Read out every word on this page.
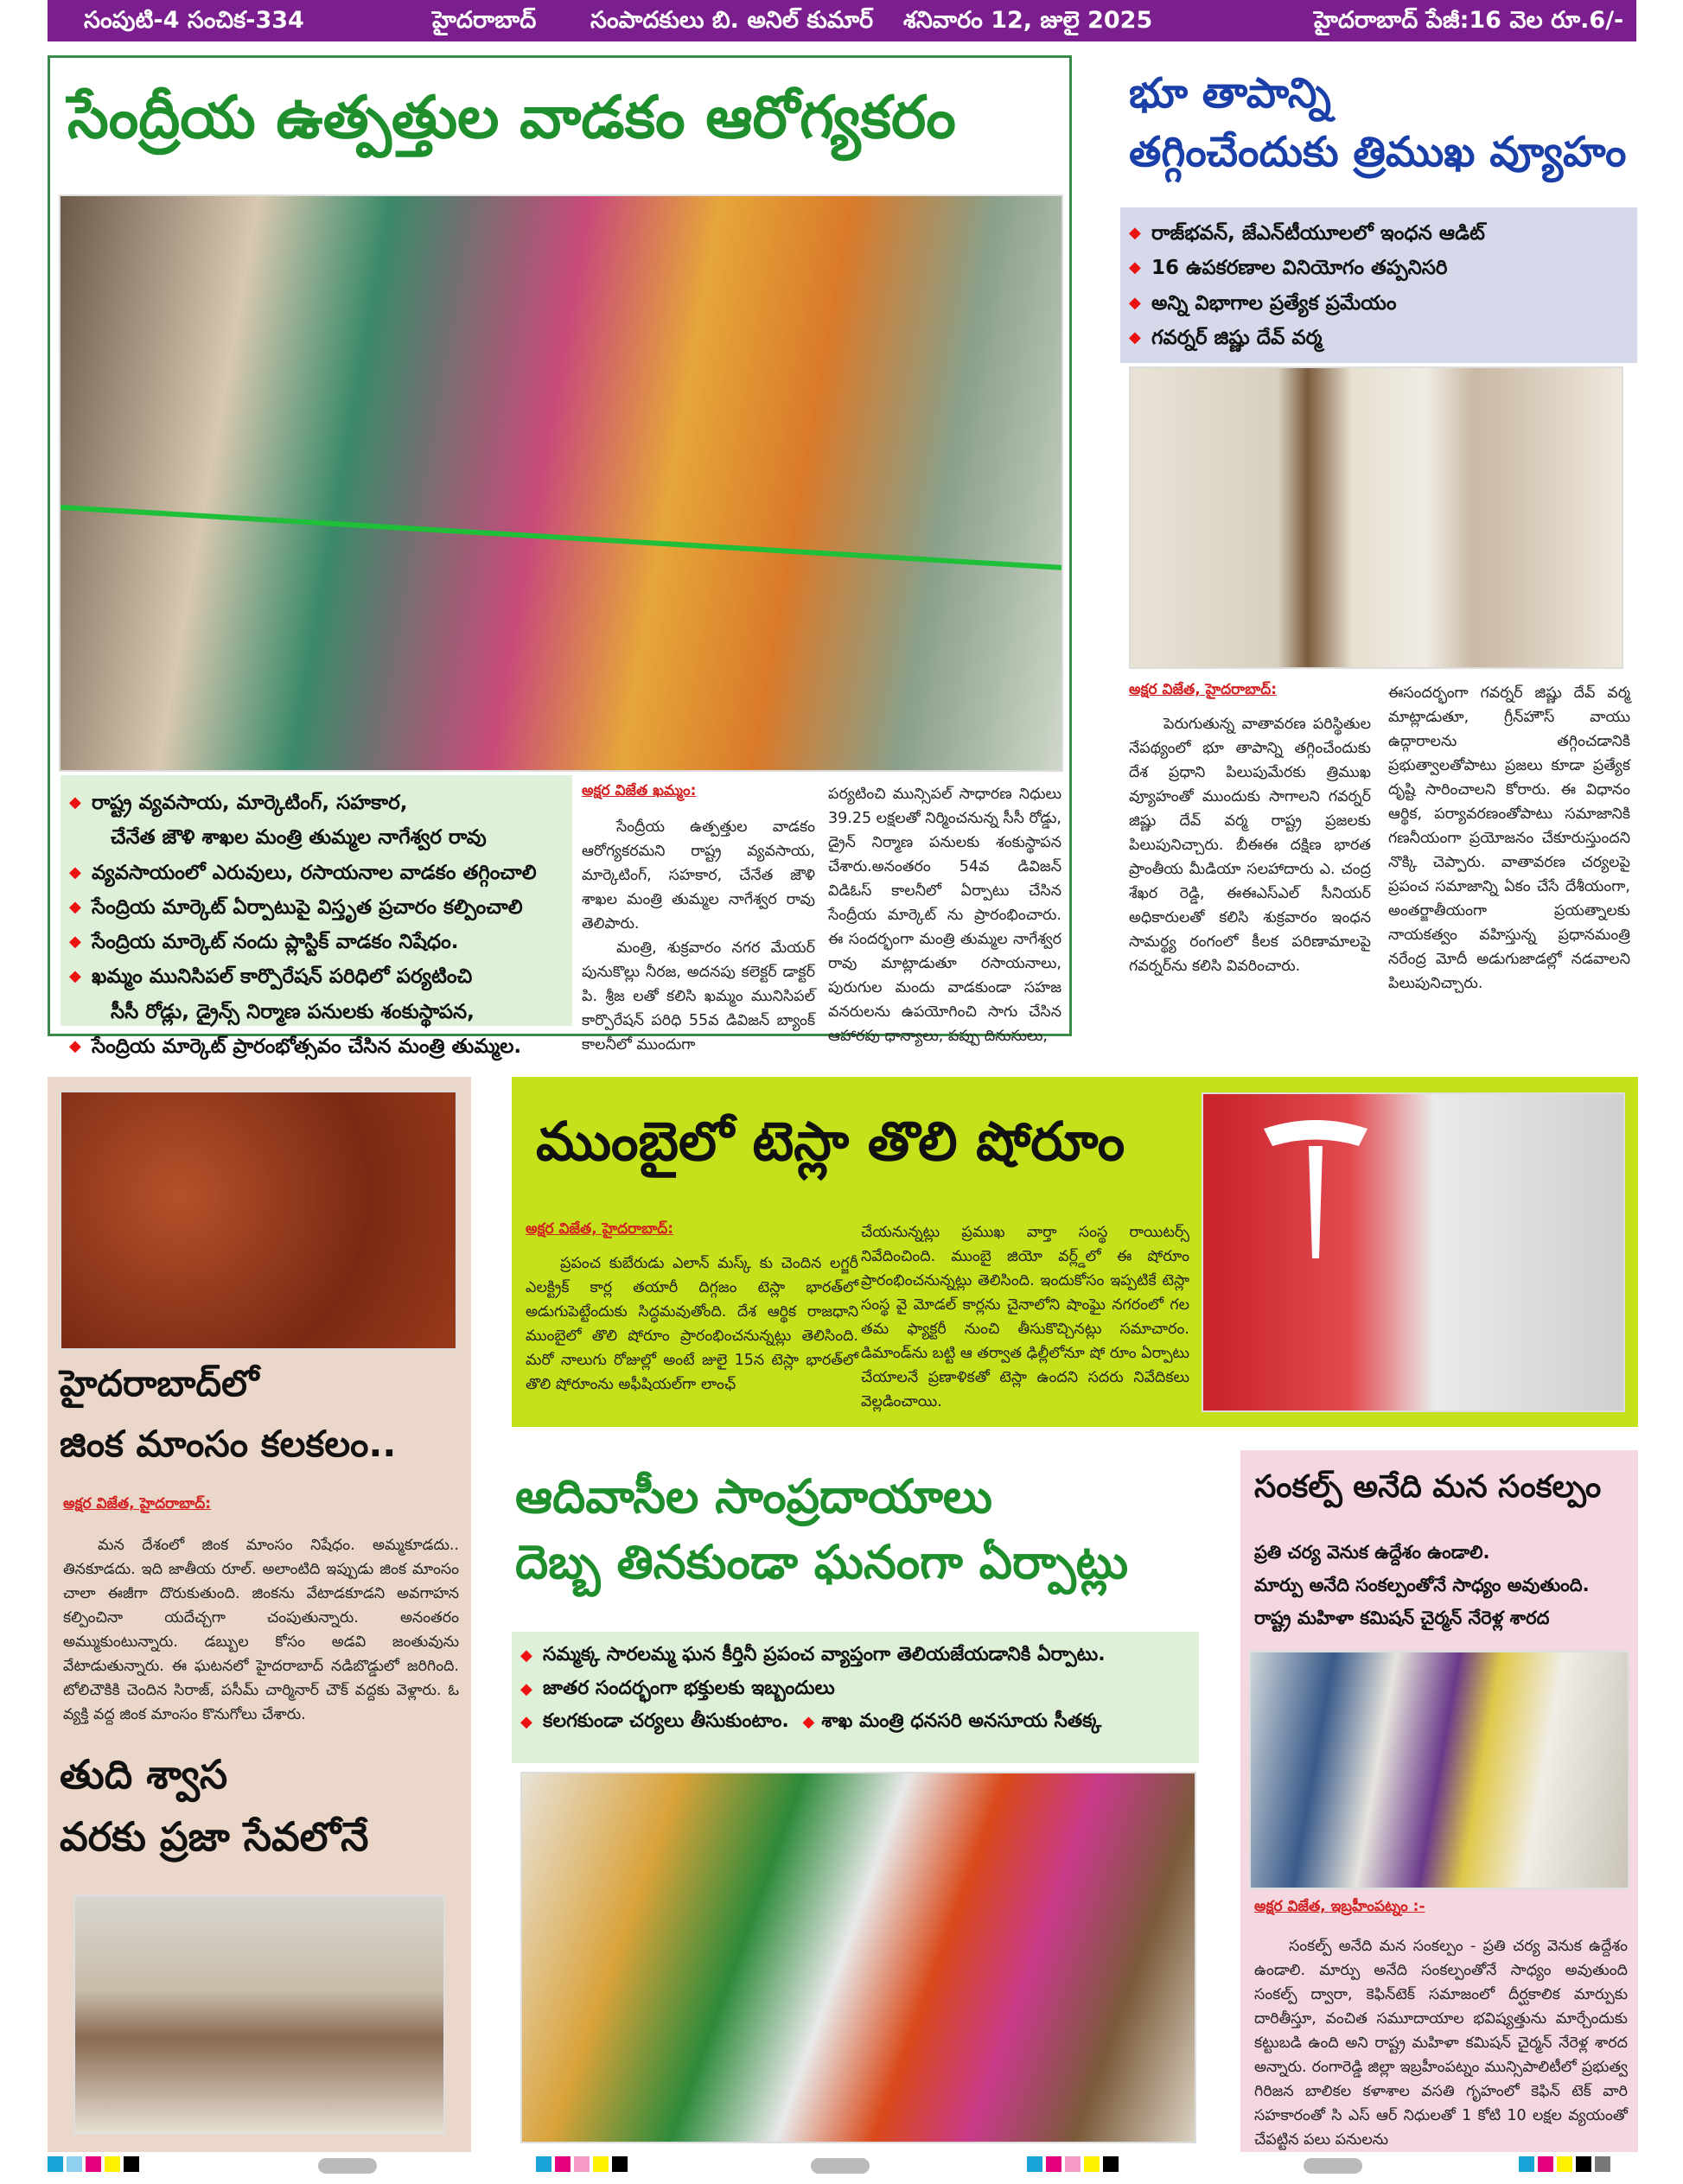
సంపుటి-4 సంచిక-334	హైదరాబాద్ సంపాదకులు బి. అనిల్ కుమార్ శనివారం 12, జులై 2025	హైదరాబాద్ పేజీ:16 వెల రూ.6/-
సేంద్రీయ ఉత్పత్తుల వాడకం ఆరోగ్యకరం
◆ రాష్ట్ర వ్యవసాయ, మార్కెటింగ్, సహకార,
చేనేత జౌళి శాఖల మంత్రి తుమ్మల నాగేశ్వర రావు
◆ వ్యవసాయంలో ఎరువులు, రసాయనాల వాడకం తగ్గించాలి
◆ సేంద్రియ మార్కెట్ ఏర్పాటుపై విస్తృత ప్రచారం కల్పించాలి
◆ సేంద్రియ మార్కెట్ నందు ప్లాస్టిక్ వాడకం నిషేధం.
◆ ఖమ్మం మునిసిపల్ కార్పొరేషన్ పరిధిలో పర్యటించి
సీసీ రోడ్లు, డ్రైన్స్ నిర్మాణ పనులకు శంకుస్థాపన,
◆ సేంద్రియ మార్కెట్ ప్రారంభోత్సవం చేసిన మంత్రి తుమ్మల.
అక్షర విజేత ఖమ్మం:
సేంద్రీయ ఉత్పత్తుల వాడకం ఆరోగ్యకరమని రాష్ట్ర వ్యవసాయ, మార్కెటింగ్, సహకార, చేనేత జౌళి శాఖల మంత్రి తుమ్మల నాగేశ్వర రావు తెలిపారు.
మంత్రి, శుక్రవారం నగర మేయర్ పునుకొల్లు నీరజ, అదనపు కలెక్టర్ డాక్టర్ పి. శ్రీజ లతో కలిసి ఖమ్మం మునిసిపల్ కార్పొరేషన్ పరిధి 55వ డివిజన్ బ్యాంక్ కాలనీలో ముందుగా
పర్యటించి మున్సిపల్ సాధారణ నిధులు 39.25 లక్షలతో నిర్మించనున్న సీసీ రోడ్డు, డ్రైన్ నిర్మాణ పనులకు శంకుస్థాపన చేశారు.అనంతరం 54వ డివిజన్ విడిఓస్ కాలనీలో ఏర్పాటు చేసిన సేంద్రీయ మార్కెట్ ను ప్రారంభించారు. ఈ సందర్భంగా మంత్రి తుమ్మల నాగేశ్వర రావు మాట్లాడుతూ రసాయనాలు, పురుగుల మందు వాడకుండా సహజ వనరులను ఉపయోగించి సాగు చేసిన ఆహారపు ధాన్యాలు, పప్పు దినుసులు,
భూ తాపాన్ని
తగ్గించేందుకు త్రిముఖ వ్యూహం
◆ రాజ్‌భవన్, జేఎన్‌టీయూలలో ఇంధన ఆడిట్
◆ 16 ఉపకరణాల వినియోగం తప్పనిసరి
◆ అన్ని విభాగాల ప్రత్యేక ప్రమేయం
◆ గవర్నర్ జిష్ణు దేవ్ వర్మ
అక్షర విజేత, హైదరాబాద్:
పెరుగుతున్న వాతావరణ పరిస్థితుల నేపథ్యంలో భూ తాపాన్ని తగ్గించేందుకు దేశ ప్రధాని పిలుపుమేరకు త్రిముఖ వ్యూహంతో ముందుకు సాగాలని గవర్నర్ జిష్ణు దేవ్ వర్మ రాష్ట్ర ప్రజలకు పిలుపునిచ్చారు. బీఈఈ దక్షిణ భారత ప్రాంతీయ మీడియా సలహాదారు ఎ. చంద్ర శేఖర రెడ్డి, ఈఈఎస్ఎల్ సీనియర్ అధికారులతో కలిసి శుక్రవారం ఇంధన సామర్థ్య రంగంలో కీలక పరిణామాలపై గవర్నర్‌ను కలిసి వివరించారు.
ఈసందర్భంగా గవర్నర్ జిష్ణు దేవ్ వర్మ మాట్లాడుతూ, గ్రీన్‌హౌస్ వాయు ఉద్గారాలను తగ్గించడానికి ప్రభుత్వాలతోపాటు ప్రజలు కూడా ప్రత్యేక దృష్టి సారించాలని కోరారు. ఈ విధానం ఆర్థిక, పర్యావరణంతోపాటు సమాజానికి గణనీయంగా ప్రయోజనం చేకూరుస్తుందని నొక్కి చెప్పారు. వాతావరణ చర్యలపై ప్రపంచ సమాజాన్ని ఏకం చేసే దేశీయంగా, అంతర్జాతీయంగా ప్రయత్నాలకు నాయకత్వం వహిస్తున్న ప్రధానమంత్రి నరేంద్ర మోదీ అడుగుజాడల్లో నడవాలని పిలుపునిచ్చారు.
హైదరాబాద్‌లో
జింక మాంసం కలకలం..
అక్షర విజేత, హైదరాబాద్:
మన దేశంలో జింక మాంసం నిషేధం. అమ్మకూడదు.. తినకూడదు. ఇది జాతీయ రూల్. అలాంటిది ఇప్పుడు జింక మాంసం చాలా ఈజీగా దొరుకుతుంది. జింకను వేటాడకూడని అవగాహన కల్పించినా యదేచ్చగా చంపుతున్నారు. అనంతరం అమ్ముకుంటున్నారు. డబ్బుల కోసం అడవి జంతువును వేటాడుతున్నారు. ఈ ఘటనలో హైదరాబాద్ నడిబొడ్డులో జరిగింది. టోలిచౌకికి చెందిన సిరాజ్, పసీమ్ చార్మినార్ చౌక్ వద్దకు వెళ్లారు. ఓ వ్యక్తి వద్ద జింక మాంసం కొనుగోలు చేశారు.
తుది శ్వాస
వరకు ప్రజా సేవలోనే
ముంబైలో టెస్లా తొలి షోరూం
అక్షర విజేత, హైదరాబాద్:
ప్రపంచ కుబేరుడు ఎలాన్ మస్క్ కు చెందిన లగ్జరీ ఎలక్ట్రిక్ కార్ల తయారీ దిగ్గజం టెస్లా భారత్‌లో అడుగుపెట్టేందుకు సిద్ధమవుతోంది. దేశ ఆర్థిక రాజధాని ముంబైలో తొలి షోరూం ప్రారంభించనున్నట్లు తెలిసింది. మరో నాలుగు రోజుల్లో అంటే జులై 15న టెస్లా భారత్‌లో తొలి షోరూంను అఫీషియల్‌గా లాంఛ్
చేయనున్నట్లు ప్రముఖ వార్తా సంస్థ రాయిటర్స్ నివేదించింది. ముంబై జియో వర్ల్డ్‌లో ఈ షోరూం ప్రారంభించనున్నట్లు తెలిసింది. ఇందుకోసం ఇప్పటికే టెస్లా సంస్థ వై మోడల్ కార్లను చైనాలోని షాంఘై నగరంలో గల తమ ఫ్యాక్టరీ నుంచి తీసుకొచ్చినట్లు సమాచారం. డిమాండ్‌ను బట్టి ఆ తర్వాత ఢిల్లీలోనూ షో రూం ఏర్పాటు చేయాలనే ప్రణాళికతో టెస్లా ఉందని సదరు నివేదికలు వెల్లడించాయి.
ఆదివాసీల సాంప్రదాయాలు
దెబ్బ తినకుండా ఘనంగా ఏర్పాట్లు
◆ సమ్మక్క సారలమ్మ ఘన కీర్తినీ ప్రపంచ వ్యాప్తంగా తెలియజేయడానికి ఏర్పాటు.
◆ జాతర సందర్భంగా భక్తులకు ఇబ్బందులు
◆ కలగకుండా చర్యలు తీసుకుంటాం. ◆ శాఖ మంత్రి ధనసరి అనసూయ సీతక్క
సంకల్ప్ అనేది మన సంకల్పం
ప్రతి చర్య వెనుక ఉద్దేశం ఉండాలి.
మార్పు అనేది సంకల్పంతోనే సాధ్యం అవుతుంది.
రాష్ట్ర మహిళా కమిషన్ చైర్మన్ నేరెళ్ల శారద
అక్షర విజేత, ఇబ్రహీంపట్నం :-
సంకల్ప్ అనేది మన సంకల్పం - ప్రతి చర్య వెనుక ఉద్దేశం ఉండాలి. మార్పు అనేది సంకల్పంతోనే సాధ్యం అవుతుంది సంకల్ప్ ద్వారా, కెఫిన్‌టెక్ సమాజంలో దీర్ఘకాలిక మార్పుకు దారితీస్తూ, వంచిత సమూదాయాల భవిష్యత్తును మార్చేందుకు కట్టుబడి ఉంది అని రాష్ట్ర మహిళా కమిషన్ చైర్మన్ నేరెళ్ల శారద అన్నారు. రంగారెడ్డి జిల్లా ఇబ్రహీంపట్నం మున్సిపాలిటీలో ప్రభుత్వ గిరిజన బాలికల కళాశాల వసతి గృహంలో కెఫిన్ టెక్ వారి సహకారంతో సి ఎస్ ఆర్ నిధులతో 1 కోటి 10 లక్షల వ్యయంతో చేపట్టిన పలు పనులను
